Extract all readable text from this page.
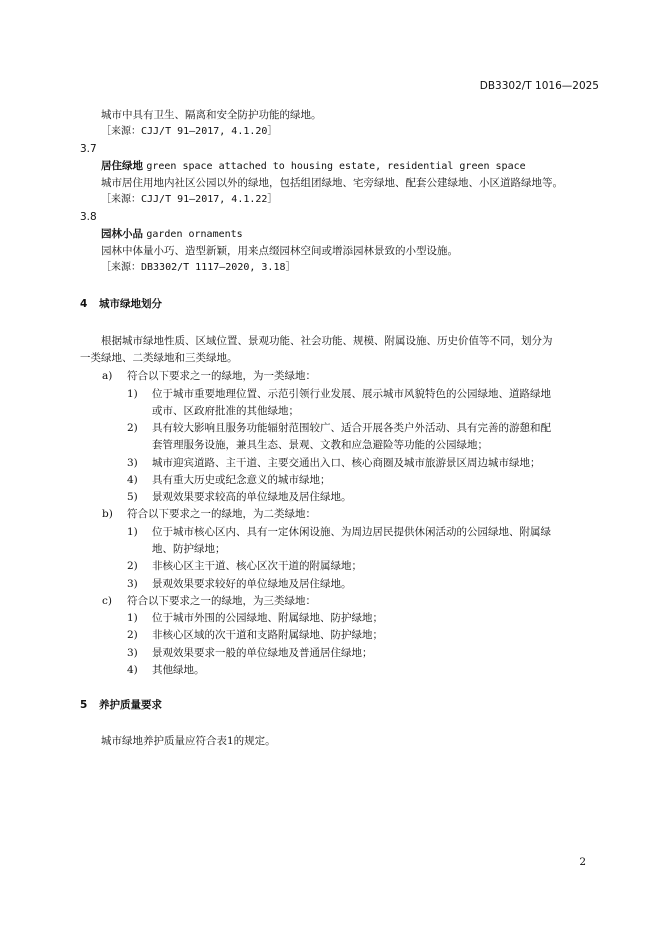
DB3302/T 1016—2025
城市中具有卫生、隔离和安全防护功能的绿地。
［来源：CJJ/T 91—2017, 4.1.20］
3.7
居住绿地 green space attached to housing estate, residential green space
城市居住用地内社区公园以外的绿地，包括组团绿地、宅旁绿地、配套公建绿地、小区道路绿地等。
［来源：CJJ/T 91—2017, 4.1.22］
3.8
园林小品 garden ornaments
园林中体量小巧、造型新颖，用来点缀园林空间或增添园林景致的小型设施。
［来源：DB3302/T 1117—2020, 3.18］
4 城市绿地划分
根据城市绿地性质、区域位置、景观功能、社会功能、规模、附属设施、历史价值等不同，划分为
一类绿地、二类绿地和三类绿地。
a) 符合以下要求之一的绿地，为一类绿地：
1) 位于城市重要地理位置、示范引领行业发展、展示城市风貌特色的公园绿地、道路绿地
或市、区政府批准的其他绿地；
2) 具有较大影响且服务功能辐射范围较广、适合开展各类户外活动、具有完善的游憩和配
套管理服务设施，兼具生态、景观、文教和应急避险等功能的公园绿地；
3) 城市迎宾道路、主干道、主要交通出入口、核心商圈及城市旅游景区周边城市绿地；
4) 具有重大历史或纪念意义的城市绿地；
5) 景观效果要求较高的单位绿地及居住绿地。
b) 符合以下要求之一的绿地，为二类绿地：
1) 位于城市核心区内、具有一定休闲设施、为周边居民提供休闲活动的公园绿地、附属绿
地、防护绿地；
2) 非核心区主干道、核心区次干道的附属绿地；
3) 景观效果要求较好的单位绿地及居住绿地。
c) 符合以下要求之一的绿地，为三类绿地：
1) 位于城市外围的公园绿地、附属绿地、防护绿地；
2) 非核心区域的次干道和支路附属绿地、防护绿地；
3) 景观效果要求一般的单位绿地及普通居住绿地；
4) 其他绿地。
5 养护质量要求
城市绿地养护质量应符合表1的规定。
2
